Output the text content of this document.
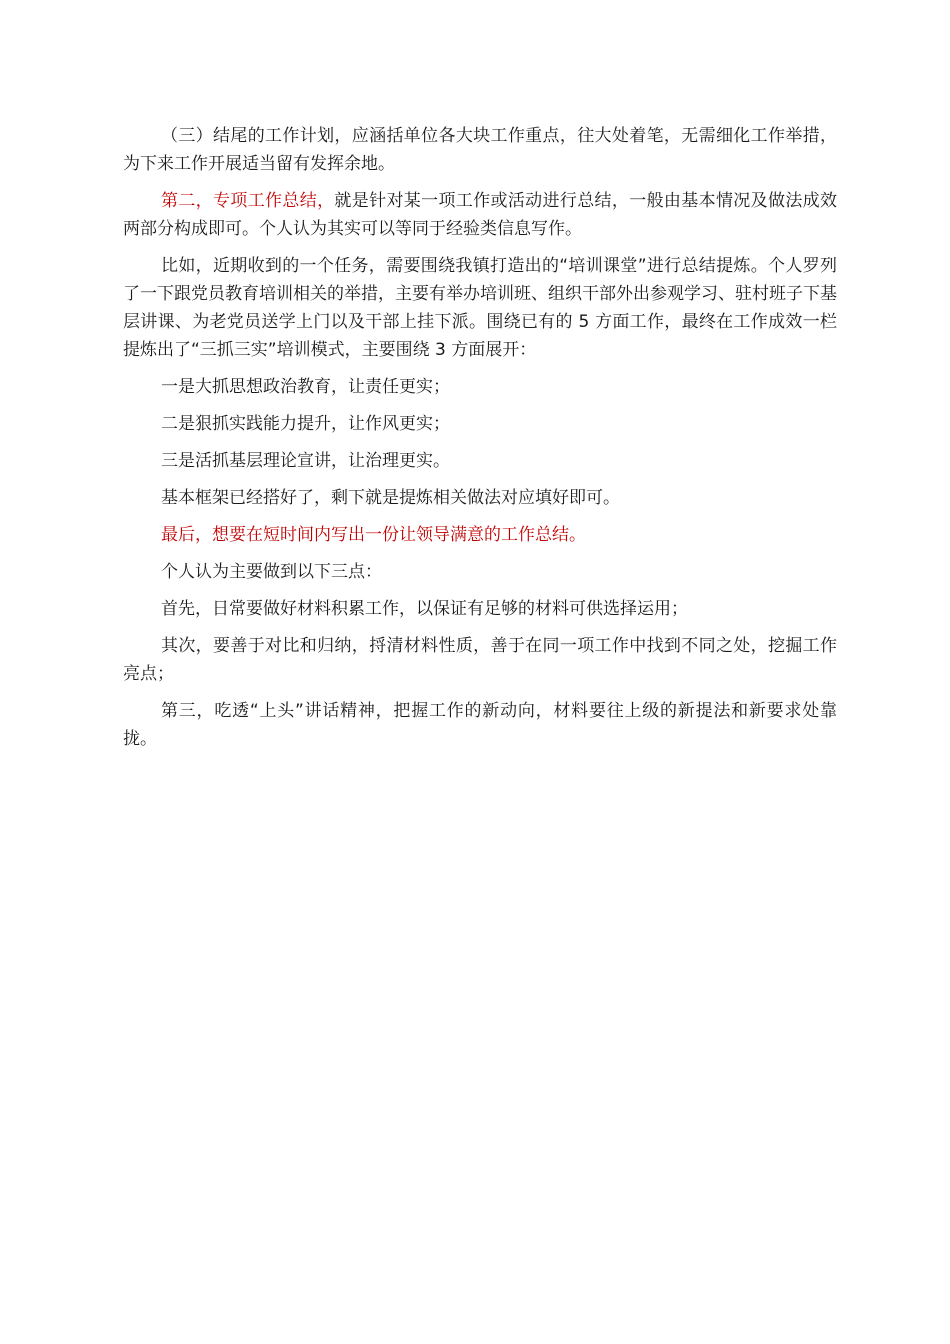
（三）结尾的工作计划，应涵括单位各大块工作重点，往大处着笔，无需细化工作举措，为下来工作开展适当留有发挥余地。

第二，专项工作总结，就是针对某一项工作或活动进行总结，一般由基本情况及做法成效两部分构成即可。个人认为其实可以等同于经验类信息写作。

比如，近期收到的一个任务，需要围绕我镇打造出的“培训课堂”进行总结提炼。个人罗列了一下跟党员教育培训相关的举措，主要有举办培训班、组织干部外出参观学习、驻村班子下基层讲课、为老党员送学上门以及干部上挂下派。围绕已有的 5 方面工作，最终在工作成效一栏提炼出了“三抓三实”培训模式，主要围绕 3 方面展开：

一是大抓思想政治教育，让责任更实；

二是狠抓实践能力提升，让作风更实；

三是活抓基层理论宣讲，让治理更实。

基本框架已经搭好了，剩下就是提炼相关做法对应填好即可。

最后，想要在短时间内写出一份让领导满意的工作总结。

个人认为主要做到以下三点：

首先，日常要做好材料积累工作，以保证有足够的材料可供选择运用；

其次，要善于对比和归纳，捋清材料性质，善于在同一项工作中找到不同之处，挖掘工作亮点；

第三，吃透“上头”讲话精神，把握工作的新动向，材料要往上级的新提法和新要求处靠拢。
